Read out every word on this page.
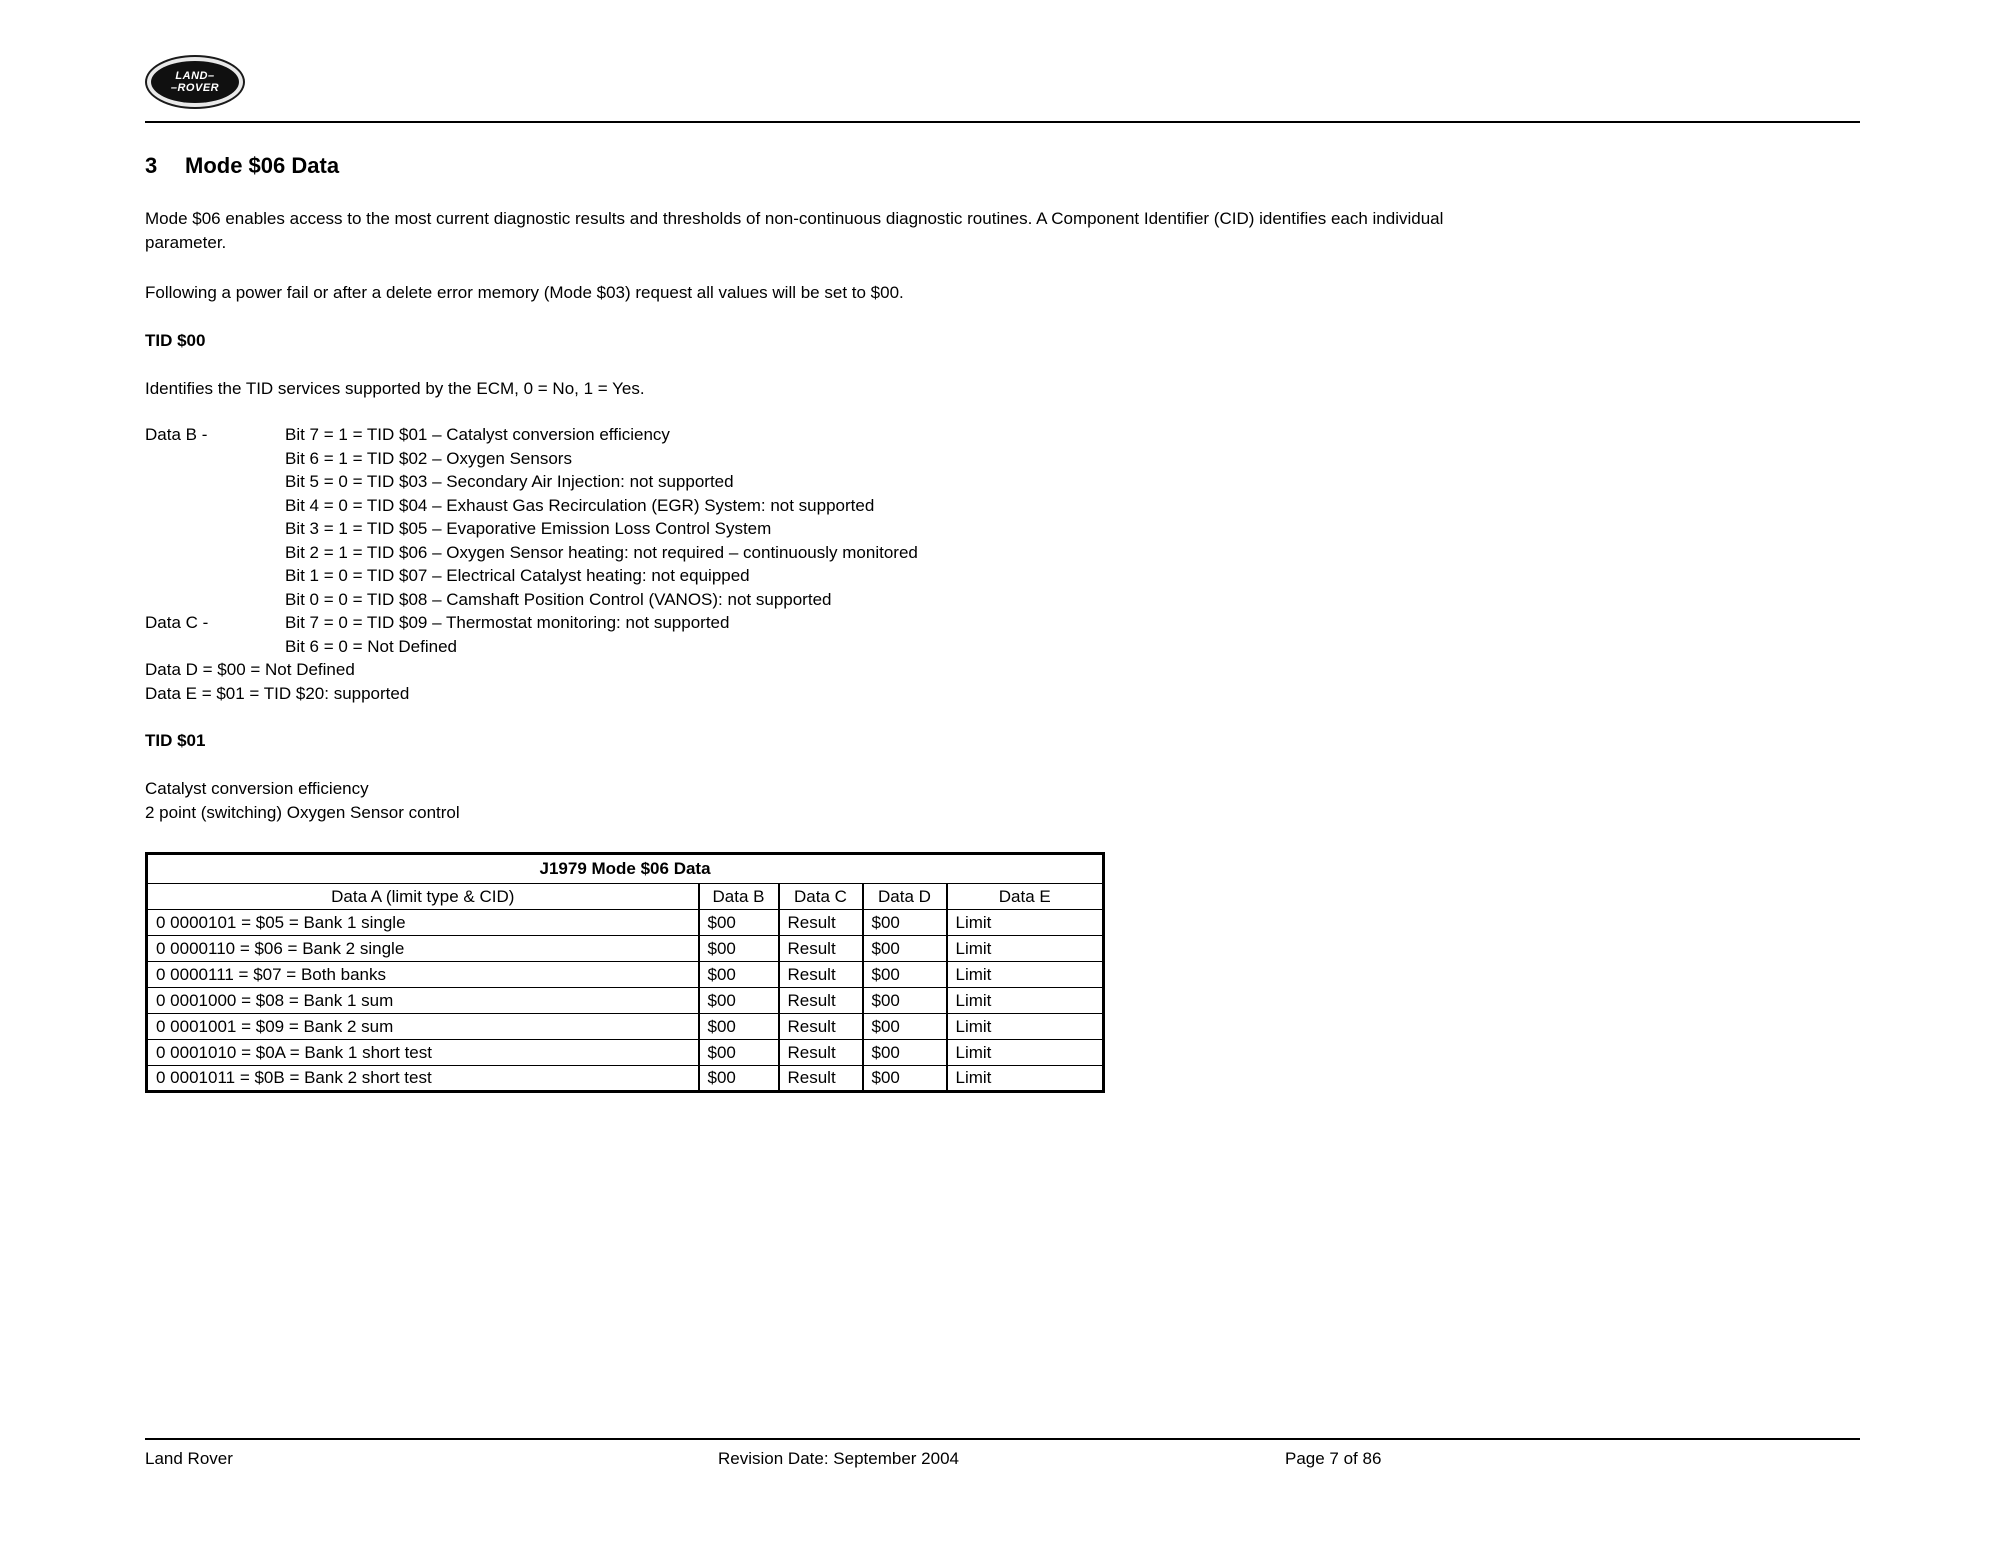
LAND–
–ROVER
3	Mode $06 Data
Mode $06 enables access to the most current diagnostic results and thresholds of non-continuous diagnostic routines. A Component Identifier (CID) identifies each individual parameter.
Following a power fail or after a delete error memory (Mode $03) request all values will be set to $00.
TID $00
Identifies the TID services supported by the ECM, 0 = No, 1 = Yes.
Data B -	Bit 7 = 1 = TID $01 – Catalyst conversion efficiency
Bit 6 = 1 = TID $02 – Oxygen Sensors
Bit 5 = 0 = TID $03 – Secondary Air Injection: not supported
Bit 4 = 0 = TID $04 – Exhaust Gas Recirculation (EGR) System: not supported
Bit 3 = 1 = TID $05 – Evaporative Emission Loss Control System
Bit 2 = 1 = TID $06 – Oxygen Sensor heating: not required – continuously monitored
Bit 1 = 0 = TID $07 – Electrical Catalyst heating: not equipped
Bit 0 = 0 = TID $08 – Camshaft Position Control (VANOS): not supported
Data C -	Bit 7 = 0 = TID $09 – Thermostat monitoring: not supported
Bit 6 = 0 = Not Defined
Data D = $00 = Not Defined
Data E = $01 = TID $20: supported
TID $01
Catalyst conversion efficiency
2 point (switching) Oxygen Sensor control
J1979 Mode $06 Data				
Data A (limit type & CID)	Data B	Data C	Data D	Data E
0 0000101 = $05 = Bank 1 single	$00	Result	$00	Limit
0 0000110 = $06 = Bank 2 single	$00	Result	$00	Limit
0 0000111 = $07 = Both banks	$00	Result	$00	Limit
0 0001000 = $08 = Bank 1 sum	$00	Result	$00	Limit
0 0001001 = $09 = Bank 2 sum	$00	Result	$00	Limit
0 0001010 = $0A = Bank 1 short test	$00	Result	$00	Limit
0 0001011 = $0B = Bank 2 short test	$00	Result	$00	Limit
Land Rover	Revision Date: September 2004	Page 7 of 86
